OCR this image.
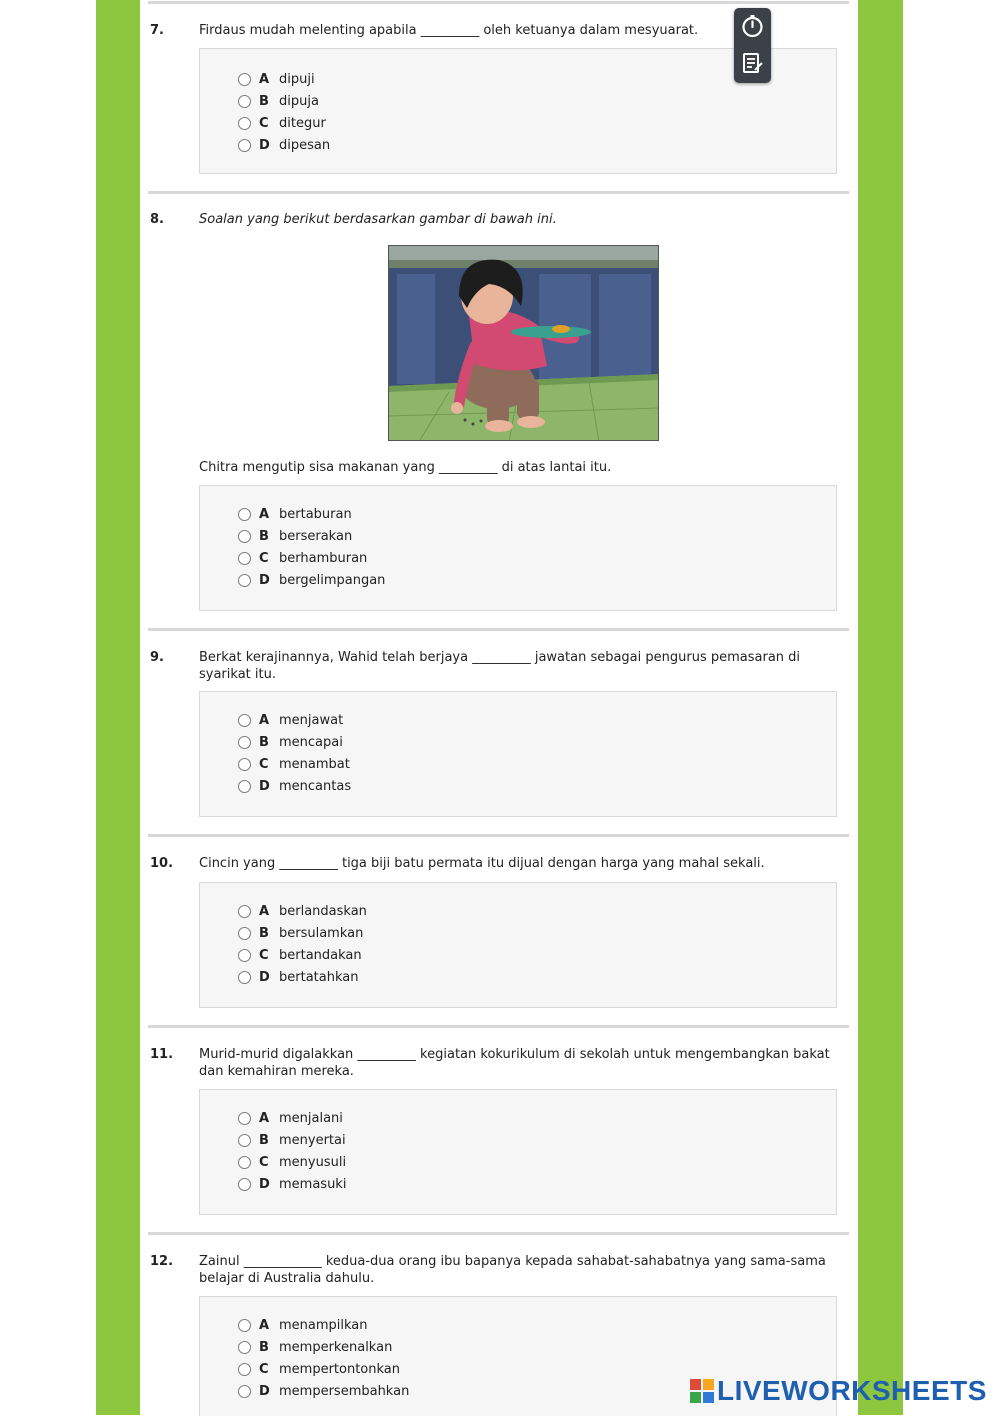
7.	Firdaus mudah melenting apabila _________ oleh ketuanya dalam mesyuarat.
A dipuji
B dipuja
C ditegur
D dipesan
8.	Soalan yang berikut berdasarkan gambar di bawah ini.
Chitra mengutip sisa makanan yang _________ di atas lantai itu.
A bertaburan
B berserakan
C berhamburan
D bergelimpangan
9.	Berkat kerajinannya, Wahid telah berjaya _________ jawatan sebagai pengurus pemasaran di syarikat itu.
A menjawat
B mencapai
C menambat
D mencantas
10. Cincin yang _________ tiga biji batu permata itu dijual dengan harga yang mahal sekali.
A berlandaskan
B bersulamkan
C bertandakan
D bertatahkan
11. Murid-murid digalakkan _________ kegiatan kokurikulum di sekolah untuk mengembangkan bakat dan kemahiran mereka.
A menjalani
B menyertai
C menyusuli
D memasuki
12. Zainul ____________ kedua-dua orang ibu bapanya kepada sahabat-sahabatnya yang sama-sama belajar di Australia dahulu.
A menampilkan
B memperkenalkan
C mempertontonkan
D mempersembahkan	LIVEWORKSHEETS
